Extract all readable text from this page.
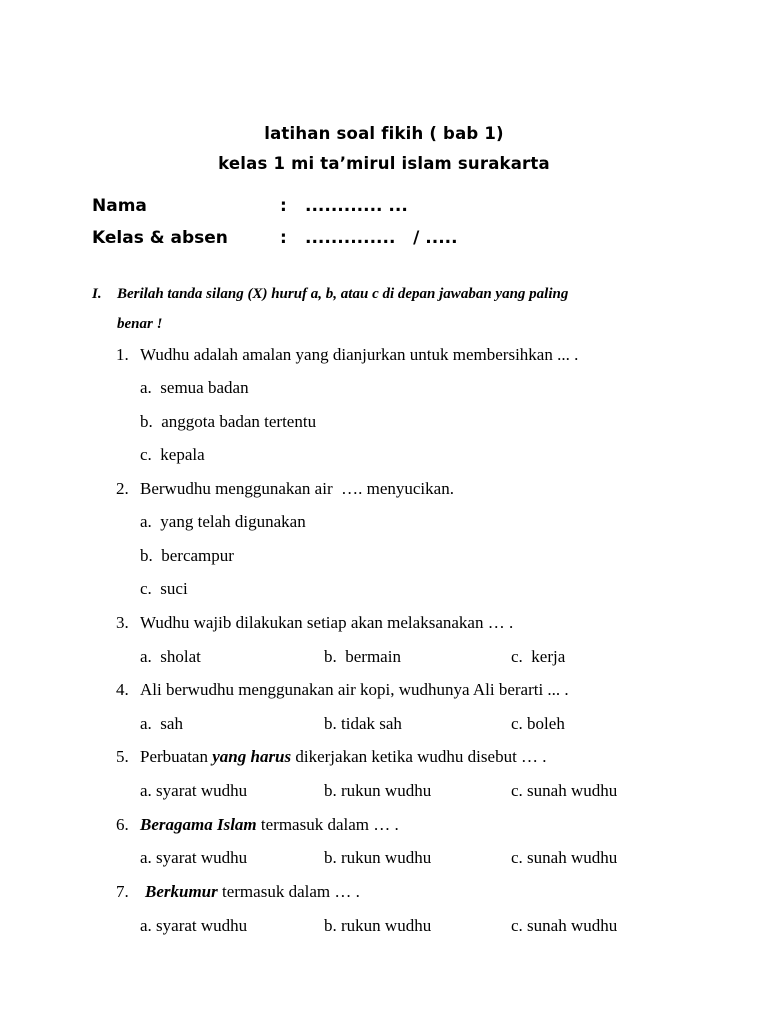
latihan soal fikih ( bab 1)
kelas 1 mi ta’mirul islam surakarta
Nama	: ............ ...
Kelas & absen	: ..............   / .....
I. Berilah tanda silang (X) huruf a, b, atau c di depan jawaban yang paling
benar !
1. Wudhu adalah amalan yang dianjurkan untuk membersihkan ... .
a.  semua badan
b.  anggota badan tertentu
c.  kepala
2. Berwudhu menggunakan air  …. menyucikan.
a.  yang telah digunakan
b.  bercampur
c.  suci
3. Wudhu wajib dilakukan setiap akan melaksanakan … .
a.  sholat	b.  bermain	c.  kerja
4. Ali berwudhu menggunakan air kopi, wudhunya Ali berarti ... .
a.  sah	b. tidak sah	c. boleh
5. Perbuatan yang harus dikerjakan ketika wudhu disebut … .
a. syarat wudhu	b. rukun wudhu	c. sunah wudhu
6. Beragama Islam termasuk dalam … .
a. syarat wudhu	b. rukun wudhu	c. sunah wudhu
7. Berkumur termasuk dalam … .
a. syarat wudhu	b. rukun wudhu	c. sunah wudhu
